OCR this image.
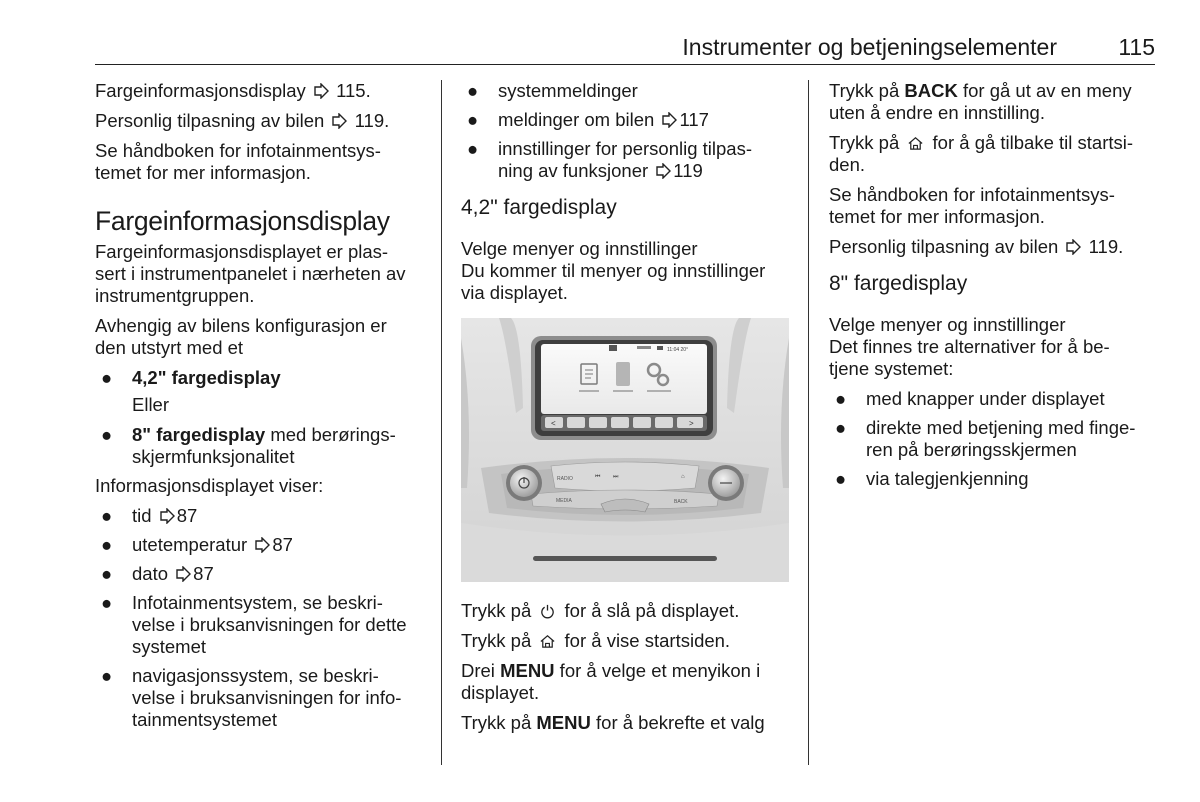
Instrumenter og betjeningselementer	115

Fargeinformasjonsdisplay 115.

Personlig tilpasning av bilen 119.

Se håndboken for infotainmentsys-
temet for mer informasjon.

Fargeinformasjonsdisplay

Fargeinformasjonsdisplayet er plas-
sert i instrumentpanelet i nærheten av
instrumentgruppen.

Avhengig av bilens konfigurasjon er
den utstyrt med et

● 4,2" fargedisplay
Eller
● 8" fargedisplay med berørings-
skjermfunksjonalitet

Informasjonsdisplayet viser:

● tid 87
● utetemperatur 87
● dato 87
● Infotainmentsystem, se beskri-
velse i bruksanvisningen for dette
systemet
● navigasjonssystem, se beskri-
velse i bruksanvisningen for info-
tainmentsystemet
● systemmeldinger
● meldinger om bilen 117
● innstillinger for personlig tilpas-
ning av funksjoner 119
4,2" fargedisplay
Velge menyer og innstillinger

Du kommer til menyer og innstillinger
via displayet.

11:04 20°
<	>
RADIO	⏮ ⏭	⌂
MEDIA	BACK

Trykk på for å slå på displayet.

Trykk på for å vise startsiden.

Drei MENU for å velge et menyikon i
displayet.

Trykk på MENU for å bekrefte et valg

Trykk på BACK for gå ut av en meny
uten å endre en innstilling.

Trykk på for å gå tilbake til startsi-
den.

Se håndboken for infotainmentsys-
temet for mer informasjon.

Personlig tilpasning av bilen 119.

8" fargedisplay
Velge menyer og innstillinger

Det finnes tre alternativer for å be-
tjene systemet:

● med knapper under displayet
● direkte med betjening med finge-
ren på berøringsskjermen
● via talegjenkjenning
